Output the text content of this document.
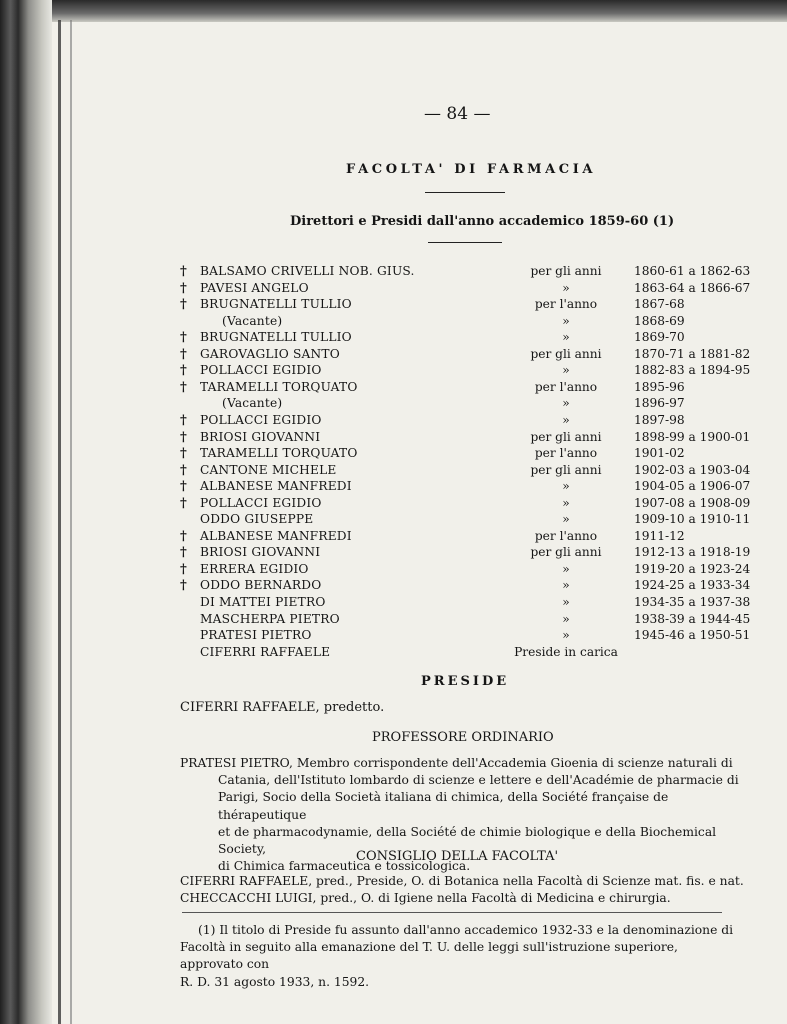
— 84 —
FACOLTA' DI FARMACIA
Direttori e Presidi dall'anno accademico 1859-60 (1)
† BALSAMO CRIVELLI NOB. GIUS.	per gli anni	1860-61 a 1862-63
† PAVESI ANGELO	»	1863-64 a 1866-67
† BRUGNATELLI TULLIO	per l'anno	1867-68
(Vacante)	»	1868-69
† BRUGNATELLI TULLIO	»	1869-70
† GAROVAGLIO SANTO	per gli anni	1870-71 a 1881-82
† POLLACCI EGIDIO	»	1882-83 a 1894-95
† TARAMELLI TORQUATO	per l'anno	1895-96
(Vacante)	»	1896-97
† POLLACCI EGIDIO	»	1897-98
† BRIOSI GIOVANNI	per gli anni	1898-99 a 1900-01
† TARAMELLI TORQUATO	per l'anno	1901-02
† CANTONE MICHELE	per gli anni	1902-03 a 1903-04
† ALBANESE MANFREDI	»	1904-05 a 1906-07
† POLLACCI EGIDIO	»	1907-08 a 1908-09
ODDO GIUSEPPE	»	1909-10 a 1910-11
† ALBANESE MANFREDI	per l'anno	1911-12
† BRIOSI GIOVANNI	per gli anni	1912-13 a 1918-19
† ERRERA EGIDIO	»	1919-20 a 1923-24
† ODDO BERNARDO	»	1924-25 a 1933-34
DI MATTEI PIETRO	»	1934-35 a 1937-38
MASCHERPA PIETRO	»	1938-39 a 1944-45
PRATESI PIETRO	»	1945-46 a 1950-51
CIFERRI RAFFAELE	Preside in carica
PRESIDE
CIFERRI RAFFAELE, predetto.
PROFESSORE ORDINARIO
PRATESI PIETRO, Membro corrispondente dell'Accademia Gioenia di scienze naturali di
Catania, dell'Istituto lombardo di scienze e lettere e dell'Académie de pharmacie di
Parigi, Socio della Società italiana di chimica, della Société française de thérapeutique
et de pharmacodynamie, della Société de chimie biologique e della Biochemical Society,
di Chimica farmaceutica e tossicologica.
CONSIGLIO DELLA FACOLTA'
CIFERRI RAFFAELE, pred., Preside, O. di Botanica nella Facoltà di Scienze mat. fis. e nat.
CHECCACCHI LUIGI, pred., O. di Igiene nella Facoltà di Medicina e chirurgia.
(1) Il titolo di Preside fu assunto dall'anno accademico 1932-33 e la denominazione di
Facoltà in seguito alla emanazione del T. U. delle leggi sull'istruzione superiore, approvato con
R. D. 31 agosto 1933, n. 1592.
